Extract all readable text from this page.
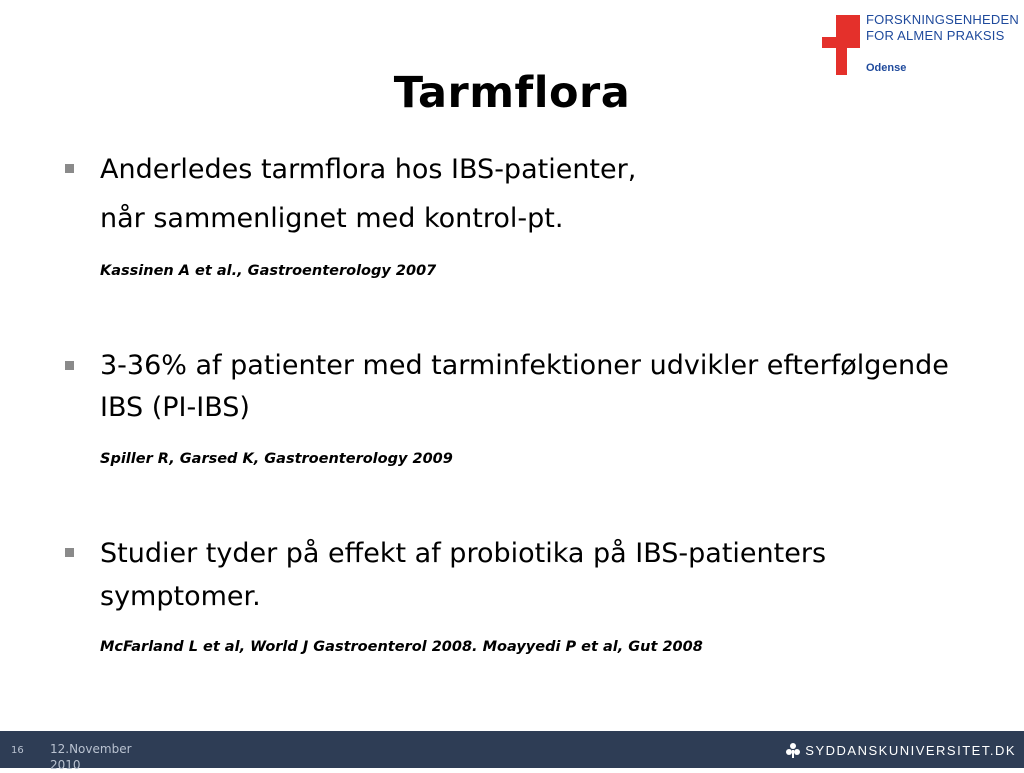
FORSKNINGSENHEDEN
FOR ALMEN PRAKSIS
Odense
Tarmflora
Anderledes tarmflora hos IBS-patienter,
når sammenlignet med kontrol-pt.
Kassinen A et al., Gastroenterology 2007
3-36% af patienter med tarminfektioner udvikler efterfølgende
IBS (PI-IBS)
Spiller R, Garsed K, Gastroenterology 2009
Studier tyder på effekt af probiotika på IBS-patienters
symptomer.
McFarland L et al, World J Gastroenterol 2008. Moayyedi P et al, Gut 2008
16 12.November 2010
SYDDANSKUNIVERSITET.DK
